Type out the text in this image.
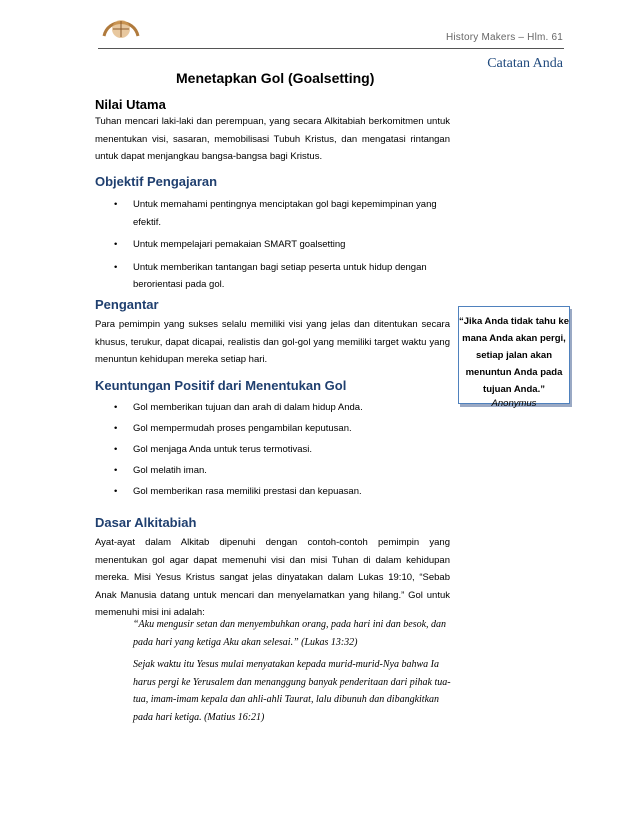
History Makers – Hlm. 61
Catatan Anda
Menetapkan Gol (Goalsetting)
Nilai Utama
Tuhan mencari laki-laki dan perempuan, yang secara Alkitabiah berkomitmen untuk menentukan visi, sasaran, memobilisasi Tubuh Kristus, dan mengatasi rintangan untuk dapat menjangkau bangsa-bangsa bagi Kristus.
Objektif Pengajaran
• Untuk memahami pentingnya menciptakan gol bagi kepemimpinan yang efektif.
• Untuk mempelajari pemakaian SMART goalsetting
• Untuk memberikan tantangan bagi setiap peserta untuk hidup dengan berorientasi pada gol.
Pengantar
Para pemimpin yang sukses selalu memiliki visi yang jelas dan ditentukan secara khusus, terukur, dapat dicapai, realistis dan gol-gol yang memiliki target waktu yang menuntun kehidupan mereka setiap hari.
Keuntungan Positif dari Menentukan Gol
• Gol memberikan tujuan dan arah di dalam hidup Anda.
• Gol mempermudah proses pengambilan keputusan.
• Gol menjaga Anda untuk terus termotivasi.
• Gol melatih iman.
• Gol memberikan rasa memiliki prestasi dan kepuasan.
Dasar Alkitabiah
Ayat-ayat dalam Alkitab dipenuhi dengan contoh-contoh pemimpin yang menentukan gol agar dapat memenuhi visi dan misi Tuhan di dalam kehidupan mereka. Misi Yesus Kristus sangat jelas dinyatakan dalam Lukas 19:10, “Sebab Anak Manusia datang untuk mencari dan menyelamatkan yang hilang.” Gol untuk memenuhi misi ini adalah:

“Aku mengusir setan dan menyembuhkan orang, pada hari ini dan besok, dan pada hari yang ketiga Aku akan selesai.” (Lukas 13:32)

Sejak waktu itu Yesus mulai menyatakan kepada murid-murid-Nya bahwa Ia harus pergi ke Yerusalem dan menanggung banyak penderitaan dari pihak tua-tua, imam-imam kepala dan ahli-ahli Taurat, lalu dibunuh dan dibangkitkan pada hari ketiga. (Matius 16:21)

“Jika Anda tidak tahu ke mana Anda akan pergi, setiap jalan akan menuntun Anda pada tujuan Anda.”
Anonymus
